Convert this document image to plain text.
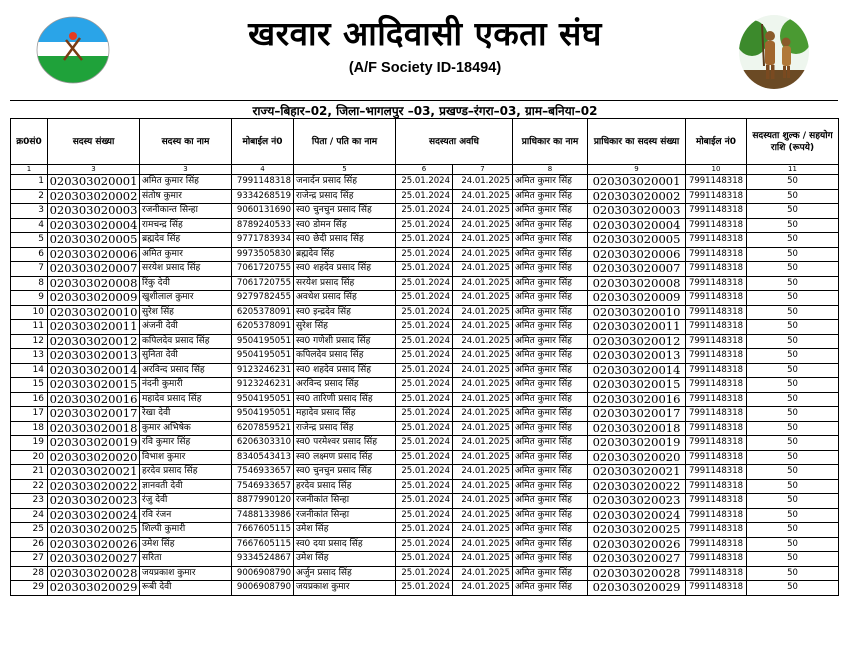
खरवार आदिवासी एकता संघ
(A/F Society ID-18494)
राज्य–बिहार–02, जिला–भागलपुर –03, प्रखण्ड–रंगरा–03, ग्राम–बनिया–02
क्र0सं0	सदस्य संख्या	सदस्य का नाम	मोबाईल नं0	पिता / पति का नाम	सदस्यता अवधि		प्राधिकार का नाम	प्राधिकार का सदस्य संख्या	मोबाईल नं0	सदस्यता शुल्क / सहयोग राशि (रूपये)
1	3	3	4	5	6	7	8	9	10	11
1	020303020001	अमित कुमार सिंह	7991148318	जनार्दन प्रसाद सिंह	25.01.2024	24.01.2025	अमित कुमार सिंह	020303020001	7991148318	50
2	020303020002	संतोष कुमार	9334268519	राजेन्द्र प्रसाद सिंह	25.01.2024	24.01.2025	अमित कुमार सिंह	020303020002	7991148318	50
3	020303020003	रजनीकान्त सिन्हा	9060131690	स्व0 चुनचुन प्रसाद सिंह	25.01.2024	24.01.2025	अमित कुमार सिंह	020303020003	7991148318	50
4	020303020004	रामचन्द्र सिंह	8789240533	स्व0 डोमन सिंह	25.01.2024	24.01.2025	अमित कुमार सिंह	020303020004	7991148318	50
5	020303020005	ब्रह्मदेव सिंह	9771783934	स्व0 छेदी प्रसाद सिंह	25.01.2024	24.01.2025	अमित कुमार सिंह	020303020005	7991148318	50
6	020303020006	अमित कुमार	9973505830	ब्रह्मदेव सिंह	25.01.2024	24.01.2025	अमित कुमार सिंह	020303020006	7991148318	50
7	020303020007	सरयेश प्रसाद सिंह	7061720755	स्व0 शहदेव प्रसाद सिंह	25.01.2024	24.01.2025	अमित कुमार सिंह	020303020007	7991148318	50
8	020303020008	रिंकु देवी	7061720755	सरयेश प्रसाद सिंह	25.01.2024	24.01.2025	अमित कुमार सिंह	020303020008	7991148318	50
9	020303020009	खुशीलाल कुमार	9279782455	अवधेश प्रसाद सिंह	25.01.2024	24.01.2025	अमित कुमार सिंह	020303020009	7991148318	50
10	020303020010	सुरेश सिंह	6205378091	स्व0 इन्द्रदेव सिंह	25.01.2024	24.01.2025	अमित कुमार सिंह	020303020010	7991148318	50
11	020303020011	अंजनी देवी	6205378091	सुरेश सिंह	25.01.2024	24.01.2025	अमित कुमार सिंह	020303020011	7991148318	50
12	020303020012	कपिलदेव प्रसाद सिंह	9504195051	स्व0 गणेशी प्रसाद सिंह	25.01.2024	24.01.2025	अमित कुमार सिंह	020303020012	7991148318	50
13	020303020013	सुनिता देवी	9504195051	कपिलदेव प्रसाद सिंह	25.01.2024	24.01.2025	अमित कुमार सिंह	020303020013	7991148318	50
14	020303020014	अरविन्द प्रसाद सिंह	9123246231	स्व0 शहदेव प्रसाद सिंह	25.01.2024	24.01.2025	अमित कुमार सिंह	020303020014	7991148318	50
15	020303020015	नंदनी कुमारी	9123246231	अरविन्द प्रसाद सिंह	25.01.2024	24.01.2025	अमित कुमार सिंह	020303020015	7991148318	50
16	020303020016	महादेव प्रसाद सिंह	9504195051	स्व0 तारिणी प्रसाद सिंह	25.01.2024	24.01.2025	अमित कुमार सिंह	020303020016	7991148318	50
17	020303020017	रेखा देवी	9504195051	महादेव प्रसाद सिंह	25.01.2024	24.01.2025	अमित कुमार सिंह	020303020017	7991148318	50
18	020303020018	कुमार अभिषेक	6207859521	राजेन्द्र प्रसाद सिंह	25.01.2024	24.01.2025	अमित कुमार सिंह	020303020018	7991148318	50
19	020303020019	रवि कुमार सिंह	6206303310	स्व0 परमेश्वर प्रसाद सिंह	25.01.2024	24.01.2025	अमित कुमार सिंह	020303020019	7991148318	50
20	020303020020	विभाश कुमार	8340543413	स्व0 लक्ष्मण प्रसाद सिंह	25.01.2024	24.01.2025	अमित कुमार सिंह	020303020020	7991148318	50
21	020303020021	हरदेव प्रसाद सिंह	7546933657	स्व0 चुनचुन प्रसाद सिंह	25.01.2024	24.01.2025	अमित कुमार सिंह	020303020021	7991148318	50
22	020303020022	ज्ञानवती देवी	7546933657	हरदेव प्रसाद सिंह	25.01.2024	24.01.2025	अमित कुमार सिंह	020303020022	7991148318	50
23	020303020023	रंजु देवी	8877990120	रजनीकांत सिन्हा	25.01.2024	24.01.2025	अमित कुमार सिंह	020303020023	7991148318	50
24	020303020024	रवि रंजन	7488133986	रजनीकांत सिन्हा	25.01.2024	24.01.2025	अमित कुमार सिंह	020303020024	7991148318	50
25	020303020025	शिल्पी कुमारी	7667605115	उमेश सिंह	25.01.2024	24.01.2025	अमित कुमार सिंह	020303020025	7991148318	50
26	020303020026	उमेश सिंह	7667605115	स्व0 दया प्रसाद सिंह	25.01.2024	24.01.2025	अमित कुमार सिंह	020303020026	7991148318	50
27	020303020027	सरिता	9334524867	उमेश सिंह	25.01.2024	24.01.2025	अमित कुमार सिंह	020303020027	7991148318	50
28	020303020028	जयप्रकाश कुमार	9006908790	अर्जुन प्रसाद सिंह	25.01.2024	24.01.2025	अमित कुमार सिंह	020303020028	7991148318	50
29	020303020029	रूबी देवी	9006908790	जयप्रकाश कुमार	25.01.2024	24.01.2025	अमित कुमार सिंह	020303020029	7991148318	50
